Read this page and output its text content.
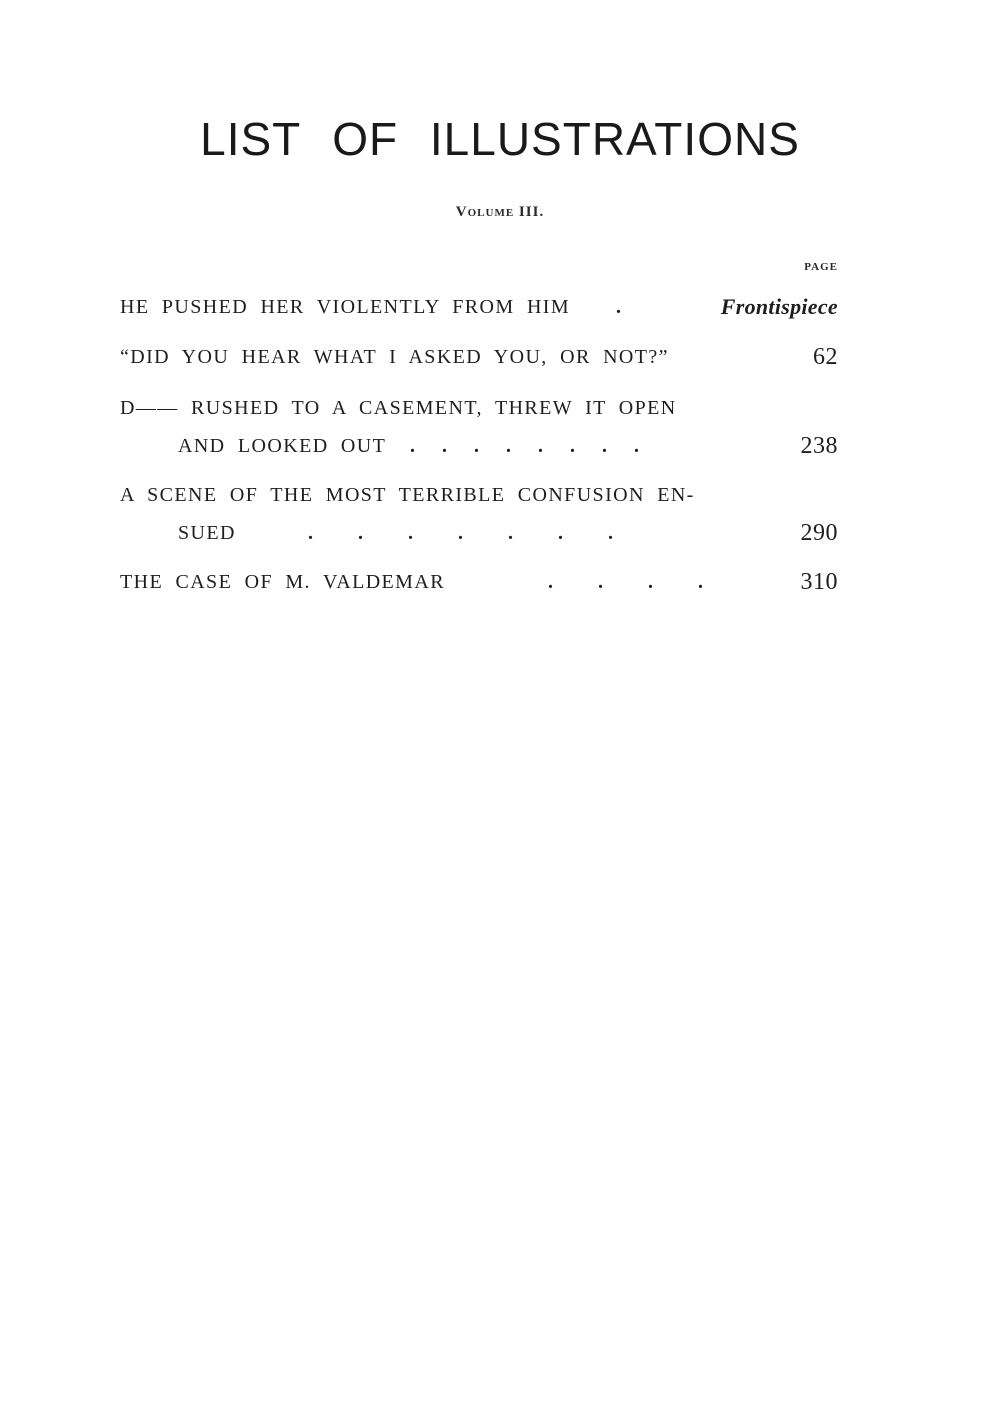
LIST OF ILLUSTRATIONS
Volume III.
PAGE
HE PUSHED HER VIOLENTLY FROM HIM .	Frontispiece
“DID YOU HEAR WHAT I ASKED YOU, OR NOT?”	62
D—— RUSHED TO A CASEMENT, THREW IT OPEN
AND LOOKED OUT . . . . . . . .	238
A SCENE OF THE MOST TERRIBLE CONFUSION EN-
SUED	. . . . . . .	290
THE CASE OF M. VALDEMAR	. . . .	310
